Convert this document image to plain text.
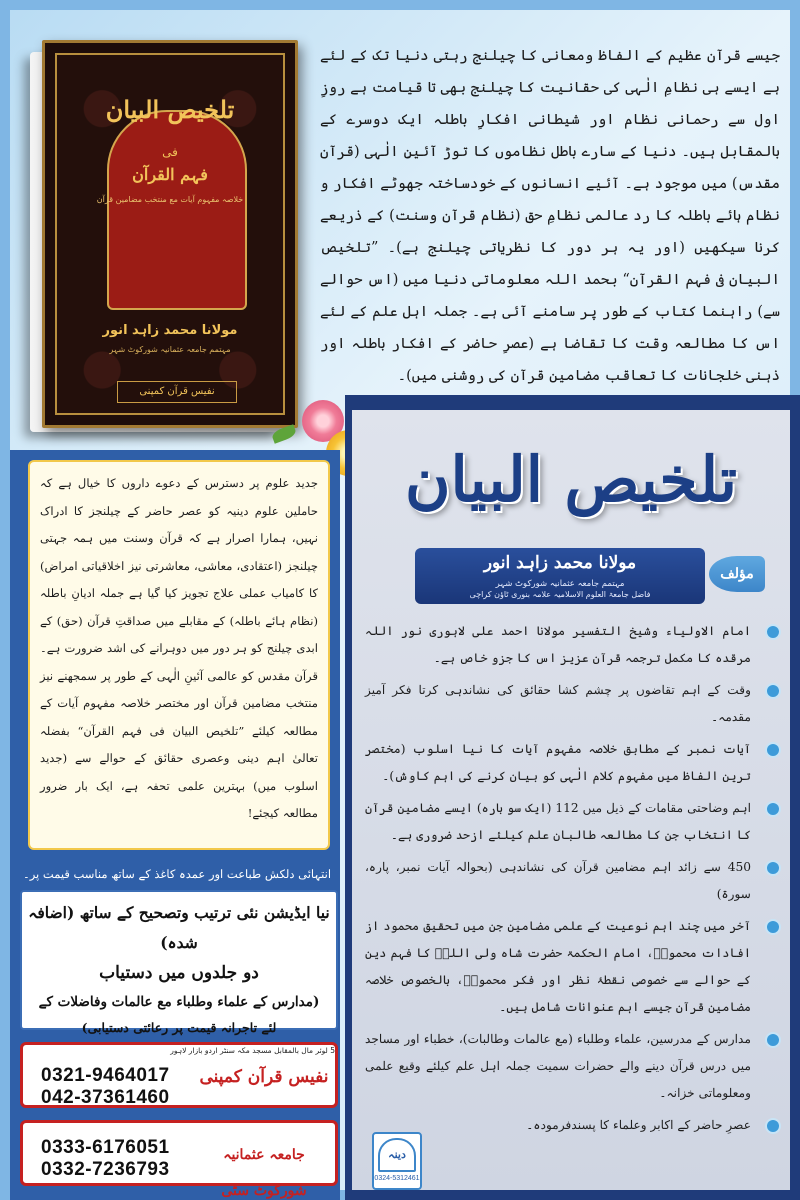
جیسے قرآن عظیم کے الفاظ ومعانی کا چیلنج رہتی دنیا تک کے لئے ہے ایسے ہی نظامِ الٰہی کی حقانیت کا چیلنج بھی تا قیامت ہے روزِ اول سے رحمانی نظام اور شیطانی افکارِ باطلہ ایک دوسرے کے بالمقابل ہیں۔ دنیا کے سارے باطل نظاموں کا توڑ آئینِ الٰہی (قرآن مقدس) میں موجود ہے۔ آئیے انسانوں کے خودساختہ جھوٹے افکار و نظام ہائے باطلہ کا رد عالمی نظامِ حق (نظام قرآن وسنت) کے ذریعے کرنا سیکھیں (اور یہ ہر دور کا نظریاتی چیلنج ہے)۔ ”تلخیص البیان فی فہم القرآن“ بحمد اللہ معلوماتی دنیا میں (اس حوالے سے) راہنما کتاب کے طور پر سامنے آئی ہے۔ جملہ اہل علم کے لئے اس کا مطالعہ وقت کا تقاضا ہے (عصرِ حاضر کے افکار باطلہ اور ذہنی خلجانات کا تعاقب مضامین قرآن کی روشنی میں)۔
تلخیص البیان
فی
فہم القرآن
خلاصہ مفہوم آیات مع منتخب مضامین قرآن
مولانا محمد زاہد انور
مہتمم جامعہ عثمانیہ شورکوٹ شہر
نفیس قرآن کمپنی
تلخیص البیان
مولانا محمد زاہد انور
مہتمم جامعہ عثمانیہ شورکوٹ شہر
فاضل جامعۃ العلوم الاسلامیہ علامہ بنوری ٹاؤن کراچی
مؤلف
امام الاولیاء وشیخ التفسیر مولانا احمد علی لاہوری نور اللہ مرقدہ کا مکمل ترجمہ قرآن عزیز اس کا جزو خاص ہے۔
وقت کے اہم تقاضوں پر چشم کشا حقائق کی نشاندہی کرتا فکر آمیز مقدمہ۔
آیات نمبر کے مطابق خلاصہ مفہوم آیات کا نیا اسلوب (مختصر ترین الفاظ میں مفہوم کلام الٰہی کو بیان کرنے کی اہم کاوش)۔
اہم وضاحتی مقامات کے ذیل میں 112 (ایک سو بارہ) ایسے مضامین قرآن کا انتخاب جن کا مطالعہ طالبان علم کیلئے ازحد ضروری ہے۔
450 سے زائد اہم مضامین قرآن کی نشاندہی (بحوالہ آیات نمبر، پارہ، سورۃ)
آخر میں چند اہم نوعیت کے علمی مضامین جن میں تحقیق محمود از افادات محمودؒ، امام الحکمۃ حضرت شاہ ولی اللہؒ کا فہم دین کے حوالے سے خصوصی نقطۂ نظر اور فکر محمودؒ، بالخصوص خلاصہ مضامین قرآن جیسے اہم عنوانات شامل ہیں۔
مدارس کے مدرسین، علماء وطلباء (مع عالمات وطالبات)، خطباء اور مساجد میں درس قرآن دینے والے حضرات سمیت جملہ اہل علم کیلئے وقیع علمی ومعلوماتی خزانہ۔
عصرِ حاضر کے اکابر وعلماء کا پسندفرمودہ۔
جدید علوم پر دسترس کے دعوے داروں کا خیال ہے کہ حاملین علوم دینیہ کو عصر حاضر کے چیلنجز کا ادراک نہیں، ہمارا اصرار ہے کہ قرآن وسنت میں ہمہ جہتی چیلنجز (اعتقادی، معاشی، معاشرتی نیز اخلاقیاتی امراض) کا کامیاب عملی علاج تجویز کیا گیا ہے جملہ ادیانِ باطلہ (نظام ہائے باطلہ) کے مقابلے میں صداقتِ قرآن (حق) کے ابدی چیلنج کو ہر دور میں دوہرانے کی اشد ضرورت ہے۔ قرآن مقدس کو عالمی آئینِ الٰہی کے طور پر سمجھنے نیز منتخب مضامین قرآن اور مختصر خلاصہ مفہوم آیات کے مطالعہ کیلئے ”تلخیص البیان فی فہم القرآن“ بفضلہ تعالیٰ اہم دینی وعصری حقائق کے حوالے سے (جدید اسلوب میں) بہترین علمی تحفہ ہے، ایک بار ضرور مطالعہ کیجئے!
انتہائی دلکش طباعت اور عمدہ کاغذ کے ساتھ مناسب قیمت پر۔
نیا ایڈیشن نئی ترتیب وتصحیح کے ساتھ (اضافہ شدہ)
دو جلدوں میں دستیاب
(مدارس کے علماء وطلباء مع عالمات وفاضلات کے
لئے تاجرانہ قیمت پر رعائتی دستیابی)
5 لوئر مال بالمقابل مسجد مکہ سنٹر اردو بازار لاہور
0321-9464017
042-37361460
نفیس قرآن کمپنی
0333-6176051
0332-7236793
جامعہ عثمانیہ شورکوٹ سٹی
دینہ
0324-5312461
